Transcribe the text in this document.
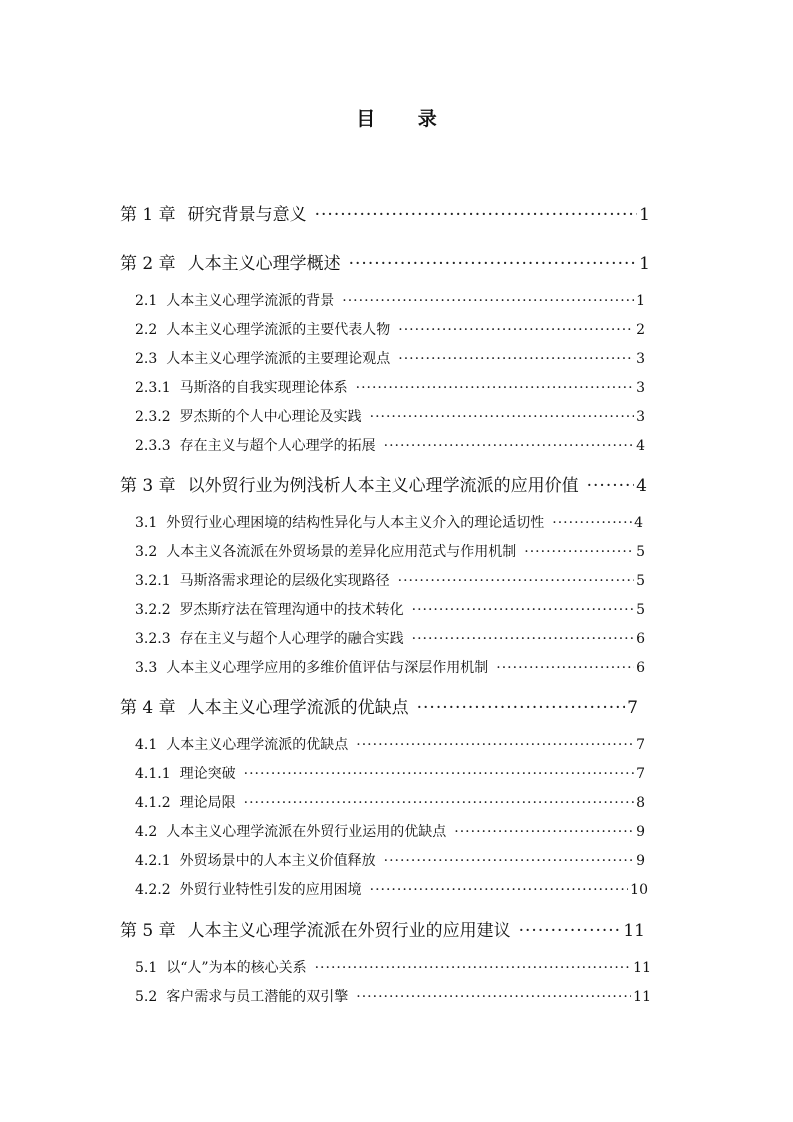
目 录
第 1 章 研究背景与意义 ·····	1
第 2 章 人本主义心理学概述 ·····	1
2.1 人本主义心理学流派的背景 ·····	1
2.2 人本主义心理学流派的主要代表人物 ·····	2
2.3 人本主义心理学流派的主要理论观点 ·····	3
2.3.1 马斯洛的自我实现理论体系 ·····	3
2.3.2 罗杰斯的个人中心理论及实践 ·····	3
2.3.3 存在主义与超个人心理学的拓展 ·····	4
第 3 章 以外贸行业为例浅析人本主义心理学流派的应用价值 ·····	4
3.1 外贸行业心理困境的结构性异化与人本主义介入的理论适切性 ·····	4
3.2 人本主义各流派在外贸场景的差异化应用范式与作用机制 ·····	5
3.2.1 马斯洛需求理论的层级化实现路径 ·····	5
3.2.2 罗杰斯疗法在管理沟通中的技术转化 ·····	5
3.2.3 存在主义与超个人心理学的融合实践 ·····	6
3.3 人本主义心理学应用的多维价值评估与深层作用机制 ·····	6
第 4 章 人本主义心理学流派的优缺点 ·····	7
4.1 人本主义心理学流派的优缺点 ·····	7
4.1.1 理论突破 ·····	7
4.1.2 理论局限 ·····	8
4.2 人本主义心理学流派在外贸行业运用的优缺点 ·····	9
4.2.1 外贸场景中的人本主义价值释放 ·····	9
4.2.2 外贸行业特性引发的应用困境 ·····	10
第 5 章 人本主义心理学流派在外贸行业的应用建议 ·····	11
5.1 以“人”为本的核心关系 ·····	11
5.2 客户需求与员工潜能的双引擎 ·····	11
